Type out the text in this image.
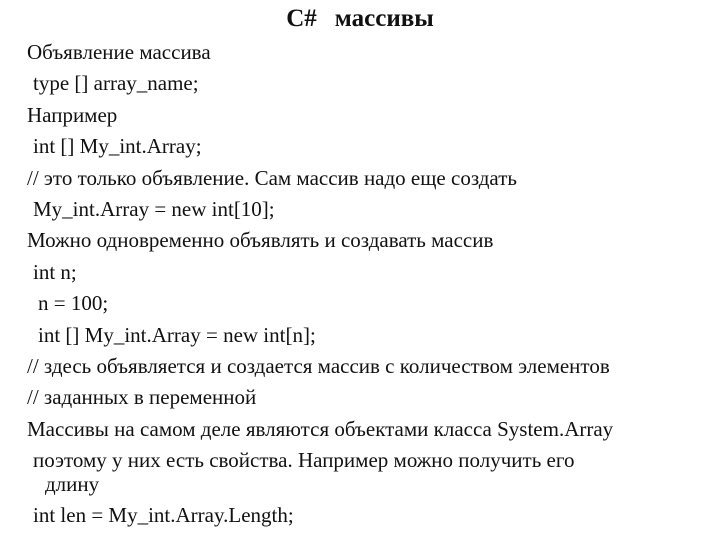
C# массивы
Объявление массива
type [] array_name;
Например
int [] My_int.Array;
// это только объявление. Сам массив надо еще создать
My_int.Array = new int[10];
Можно одновременно объявлять и создавать массив
int n;
n = 100;
int [] My_int.Array = new int[n];
// здесь объявляется и создается массив с количеством элементов
// заданных в переменной
Массивы на самом деле являются объектами класса System.Array
поэтому у них есть свойства. Например можно получить его
длину
int len = My_int.Array.Length;
